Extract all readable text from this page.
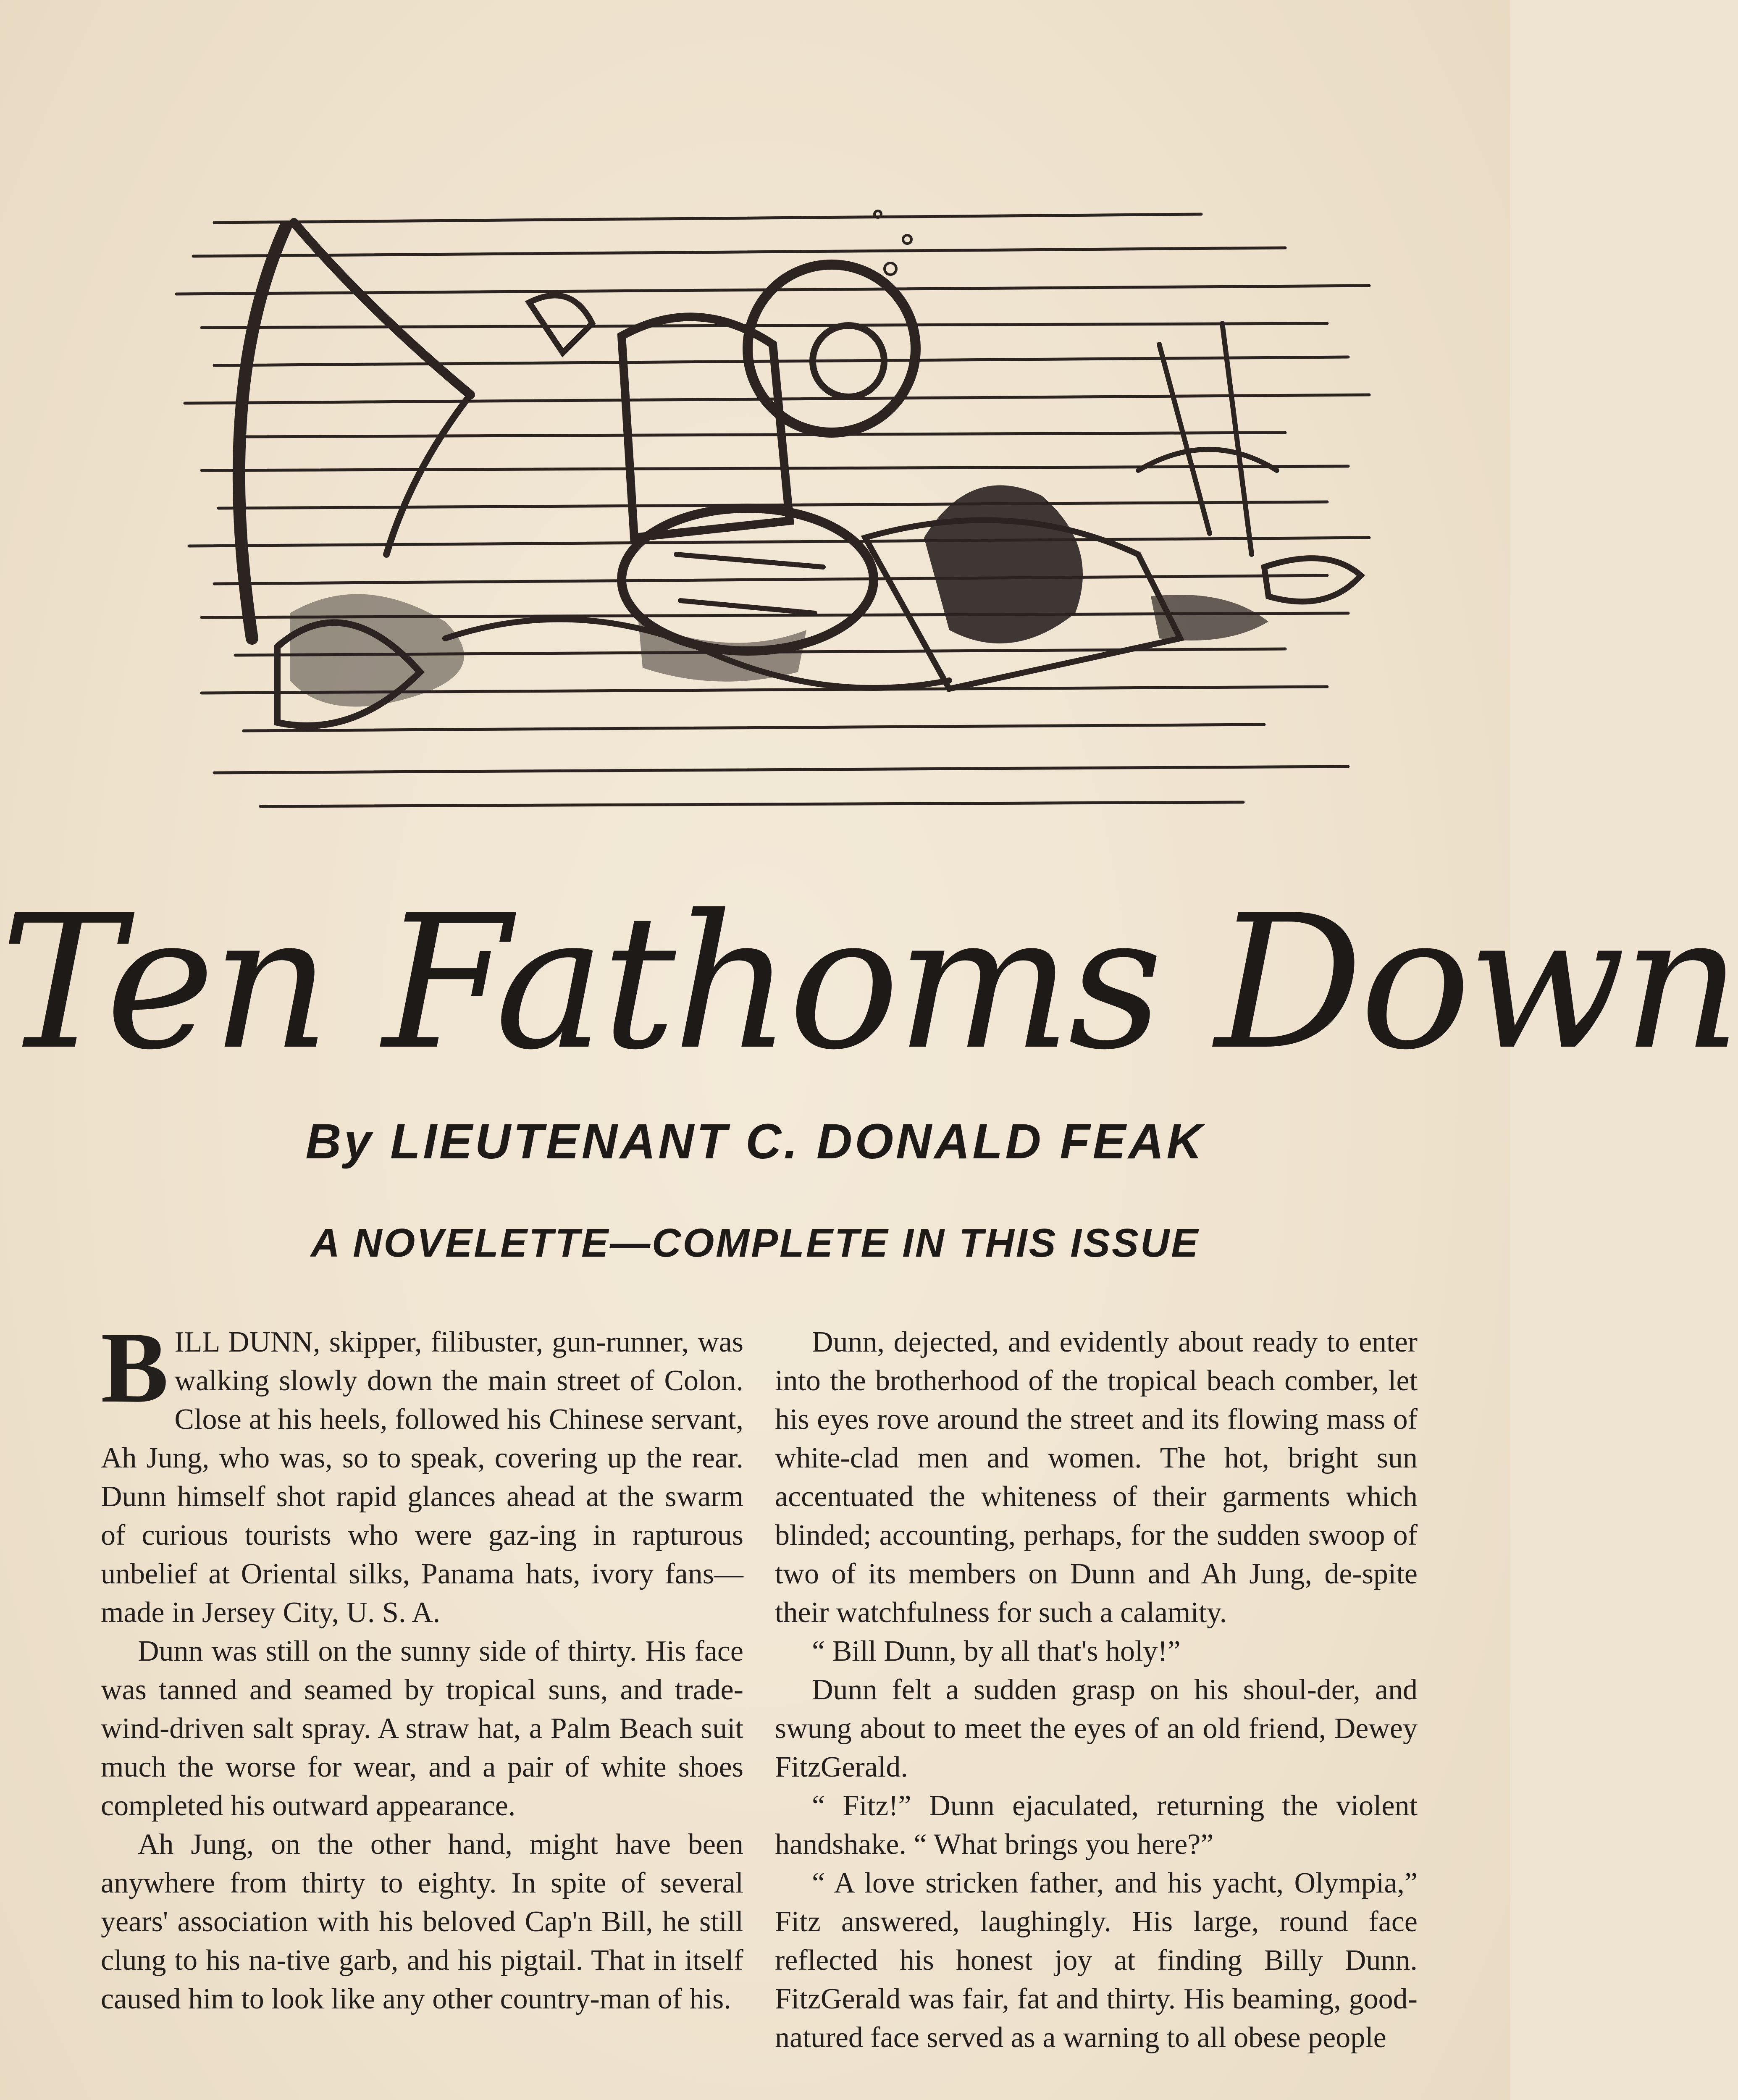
Ten Fathoms Down
By LIEUTENANT C. DONALD FEAK
A NOVELETTE—COMPLETE IN THIS ISSUE

BILL DUNN, skipper, filibuster, gun-runner, was walking slowly down the main street of Colon. Close at his heels, followed his Chinese servant, Ah Jung, who was, so to speak, covering up the rear. Dunn himself shot rapid glances ahead at the swarm of curious tourists who were gaz-ing in rapturous unbelief at Oriental silks, Panama hats, ivory fans—made in Jersey City, U. S. A.

Dunn was still on the sunny side of thirty. His face was tanned and seamed by tropical suns, and trade-wind-driven salt spray. A straw hat, a Palm Beach suit much the worse for wear, and a pair of white shoes completed his outward appearance.

Ah Jung, on the other hand, might have been anywhere from thirty to eighty. In spite of several years' association with his beloved Cap'n Bill, he still clung to his na-tive garb, and his pigtail. That in itself caused him to look like any other country-man of his.

Dunn, dejected, and evidently about ready to enter into the brotherhood of the tropical beach comber, let his eyes rove around the street and its flowing mass of white-clad men and women. The hot, bright sun accentuated the whiteness of their garments which blinded; accounting, perhaps, for the sudden swoop of two of its members on Dunn and Ah Jung, de-spite their watchfulness for such a calamity.

“ Bill Dunn, by all that's holy!”

Dunn felt a sudden grasp on his shoul-der, and swung about to meet the eyes of an old friend, Dewey FitzGerald.

“ Fitz!” Dunn ejaculated, returning the violent handshake. “ What brings you here?”

“ A love stricken father, and his yacht, Olympia,” Fitz answered, laughingly. His large, round face reflected his honest joy at finding Billy Dunn. FitzGerald was fair, fat and thirty. His beaming, good-natured face served as a warning to all obese people
